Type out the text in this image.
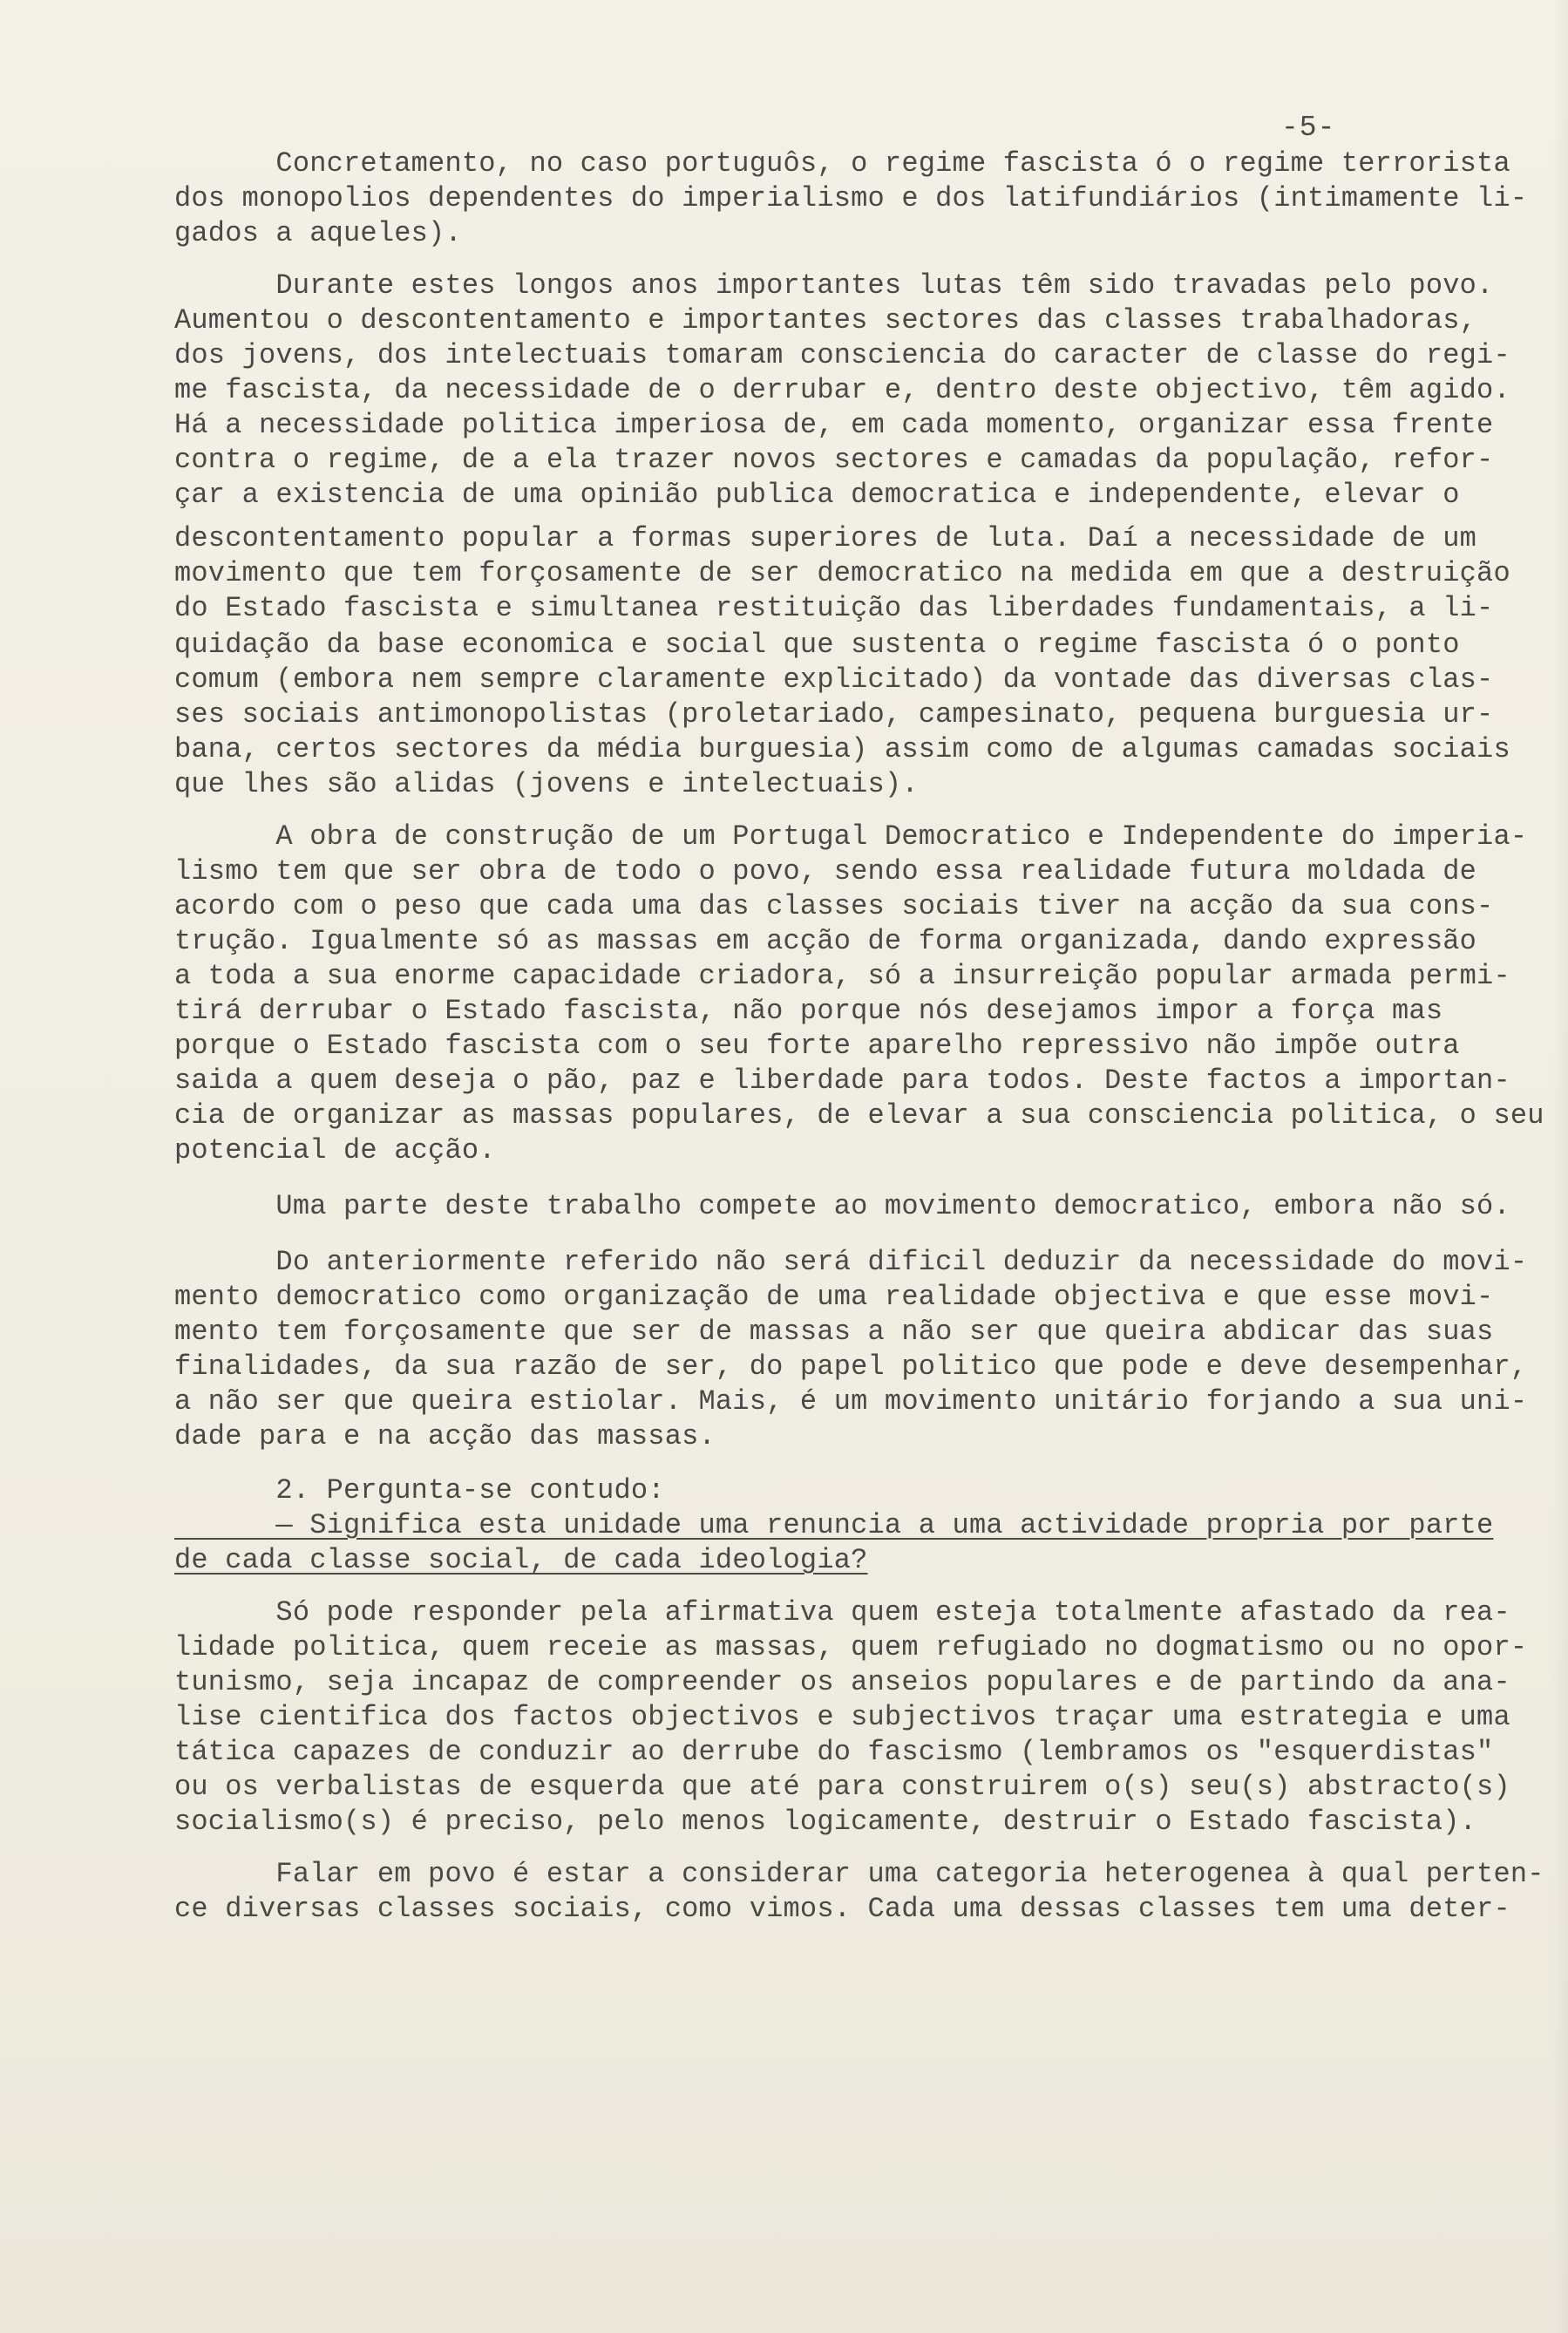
-5-
Concretamento, no caso portuguôs, o regime fascista ó o regime terrorista
dos monopolios dependentes do imperialismo e dos latifundiários (intimamente li-
gados a aqueles).
Durante estes longos anos importantes lutas têm sido travadas pelo povo.
Aumentou o descontentamento e importantes sectores das classes trabalhadoras,
dos jovens, dos intelectuais tomaram consciencia do caracter de classe do regi-
me fascista, da necessidade de o derrubar e, dentro deste objectivo, têm agido.
Há a necessidade politica imperiosa de, em cada momento, organizar essa frente
contra o regime, de a ela trazer novos sectores e camadas da população, refor-
çar a existencia de uma opinião publica democratica e independente, elevar o
descontentamento popular a formas superiores de luta. Daí a necessidade de um
movimento que tem forçosamente de ser democratico na medida em que a destruição
do Estado fascista e simultanea restituição das liberdades fundamentais, a li-
quidação da base economica e social que sustenta o regime fascista ó o ponto
comum (embora nem sempre claramente explicitado) da vontade das diversas clas-
ses sociais antimonopolistas (proletariado, campesinato, pequena burguesia ur-
bana, certos sectores da média burguesia) assim como de algumas camadas sociais
que lhes são alidas (jovens e intelectuais).
A obra de construção de um Portugal Democratico e Independente do imperia-
lismo tem que ser obra de todo o povo, sendo essa realidade futura moldada de
acordo com o peso que cada uma das classes sociais tiver na acção da sua cons-
trução. Igualmente só as massas em acção de forma organizada, dando expressão
a toda a sua enorme capacidade criadora, só a insurreição popular armada permi-
tirá derrubar o Estado fascista, não porque nós desejamos impor a força mas
porque o Estado fascista com o seu forte aparelho repressivo não impõe outra
saida a quem deseja o pão, paz e liberdade para todos. Deste factos a importan-
cia de organizar as massas populares, de elevar a sua consciencia politica, o seu
potencial de acção.
Uma parte deste trabalho compete ao movimento democratico, embora não só.
Do anteriormente referido não será dificil deduzir da necessidade do movi-
mento democratico como organização de uma realidade objectiva e que esse movi-
mento tem forçosamente que ser de massas a não ser que queira abdicar das suas
finalidades, da sua razão de ser, do papel politico que pode e deve desempenhar,
a não ser que queira estiolar. Mais, é um movimento unitário forjando a sua uni-
dade para e na acção das massas.
2. Pergunta-se contudo:
— Significa esta unidade uma renuncia a uma actividade propria por parte
de cada classe social, de cada ideologia?
Só pode responder pela afirmativa quem esteja totalmente afastado da rea-
lidade politica, quem receie as massas, quem refugiado no dogmatismo ou no opor-
tunismo, seja incapaz de compreender os anseios populares e de partindo da ana-
lise cientifica dos factos objectivos e subjectivos traçar uma estrategia e uma
tática capazes de conduzir ao derrube do fascismo (lembramos os "esquerdistas"
ou os verbalistas de esquerda que até para construirem o(s) seu(s) abstracto(s)
socialismo(s) é preciso, pelo menos logicamente, destruir o Estado fascista).
Falar em povo é estar a considerar uma categoria heterogenea à qual perten-
ce diversas classes sociais, como vimos. Cada uma dessas classes tem uma deter-
